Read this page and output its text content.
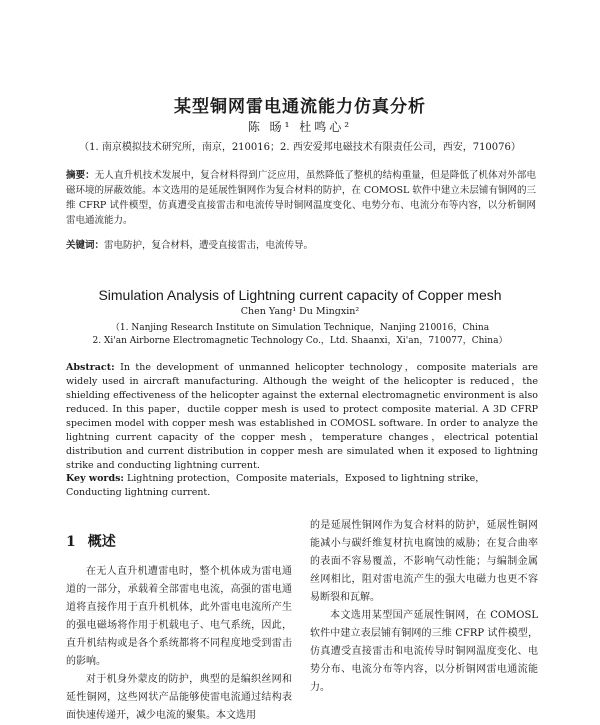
某型铜网雷电通流能力仿真分析
陈 旸¹ 杜鸣心²
（1. 南京模拟技术研究所，南京，210016；2. 西安爱邦电磁技术有限责任公司，西安，710076）
摘要：无人直升机技术发展中，复合材料得到广泛应用，虽然降低了整机的结构重量，但是降低了机体对外部电磁环境的屏蔽效能。本文选用的是延展性铜网作为复合材料的防护，在 COMOSL 软件中建立未层铺有铜网的三维 CFRP 试件模型，仿真遭受直接雷击和电流传导时铜网温度变化、电势分布、电流分布等内容，以分析铜网雷电通流能力。
关键词：雷电防护，复合材料，遭受直接雷击，电流传导。
Simulation Analysis of Lightning current capacity of Copper mesh
Chen Yang¹ Du Mingxin²
（1. Nanjing Research Institute on Simulation Technique，Nanjing 210016，China
2. Xi'an Airborne Electromagnetic Technology Co.，Ltd. Shaanxi，Xi'an，710077，China）
Abstract: In the development of unmanned helicopter technology，composite materials are widely used in aircraft manufacturing. Although the weight of the helicopter is reduced，the shielding effectiveness of the helicopter against the external electromagnetic environment is also reduced. In this paper，ductile copper mesh is used to protect composite material. A 3D CFRP specimen model with copper mesh was established in COMOSL software. In order to analyze the lightning current capacity of the copper mesh，temperature changes，electrical potential distribution and current distribution in copper mesh are simulated when it exposed to lightning strike and conducting lightning current.
Key words: Lightning protection，Composite materials，Exposed to lightning strike，Conducting lightning current.
1 概述

在无人直升机遭雷电时，整个机体成为雷电通道的一部分，承载着全部雷电电流，高强的雷电通道将直接作用于直升机机体，此外雷电电流所产生的强电磁场将作用于机载电子、电气系统，因此，直升机结构或是各个系统都将不同程度地受到雷击的影响。

对于机身外蒙皮的防护，典型的是编织丝网和延性铜网，这些网状产品能够使雷电流通过结构表面快速传递开，减少电流的聚集。本文选用

的是延展性铜网作为复合材料的防护，延展性铜网能减小与碳纤维复材抗电腐蚀的威胁；在复合曲率的表面不容易覆盖，不影响气动性能；与编制金属丝网相比，阻对雷电流产生的强大电磁力也更不容易断裂和瓦解。

本文选用某型国产延展性铜网，在 COMOSL 软件中建立表层铺有铜网的三维 CFRP 试件模型，仿真遭受直接雷击和电流传导时铜网温度变化、电势分布、电流分布等内容，以分析铜网雷电通流能力。
